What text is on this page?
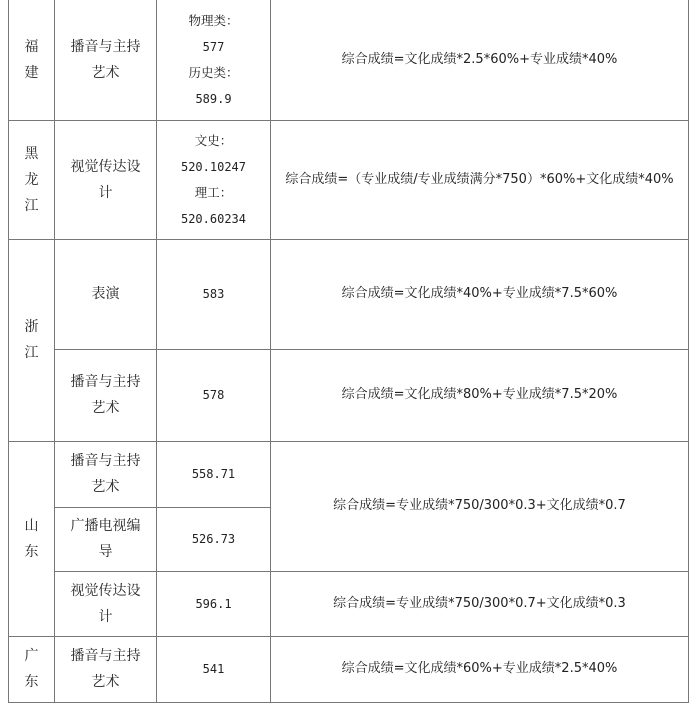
福建	播音与主持艺术	物理类：
577
历史类：
589.9	综合成绩=文化成绩*2.5*60%+专业成绩*40%

黑龙江	视觉传达设计	文史：
520.10247
理工：
520.60234	综合成绩=（专业成绩/专业成绩满分*750）*60%+文化成绩*40%

浙江	表演	583	综合成绩=文化成绩*40%+专业成绩*7.5*60%

	播音与主持艺术	578	综合成绩=文化成绩*80%+专业成绩*7.5*20%

山东	播音与主持艺术	558.71	综合成绩=专业成绩*750/300*0.3+文化成绩*0.7

	广播电视编导	526.73	

	视觉传达设计	596.1	综合成绩=专业成绩*750/300*0.7+文化成绩*0.3

广东	播音与主持艺术	541	综合成绩=文化成绩*60%+专业成绩*2.5*40%
